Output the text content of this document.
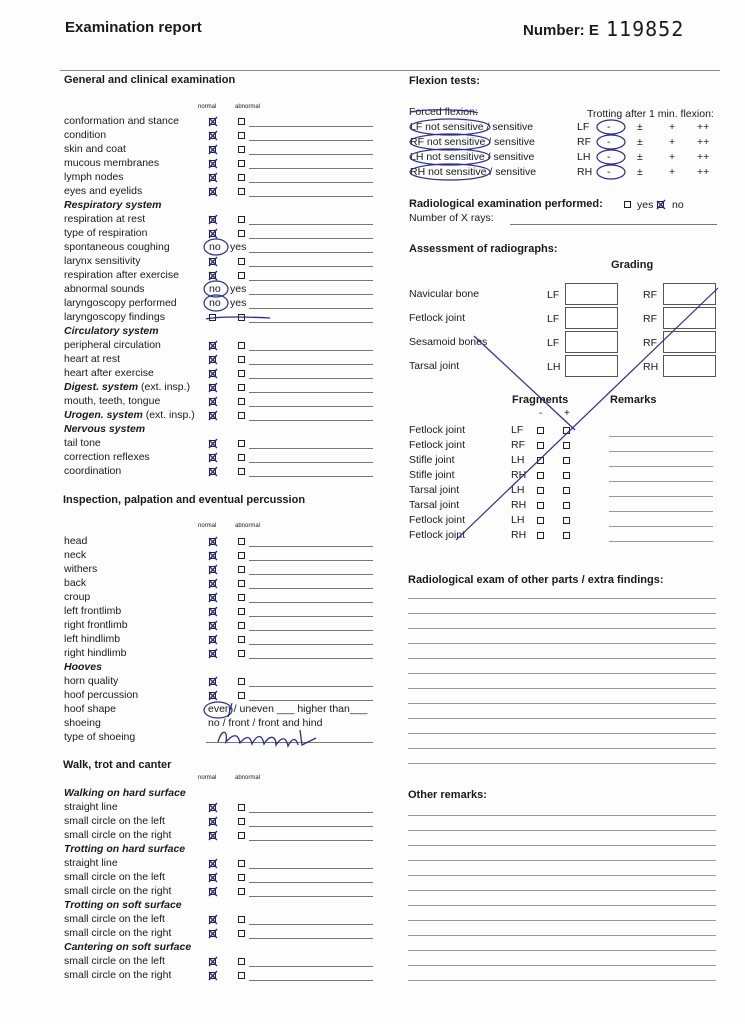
Examination report	Number: E 119852
General and clinical examination
normal	abnormal
conformation and stance
condition
skin and coat
mucous membranes
lymph nodes
eyes and eyelids
Respiratory system
respiration at rest
type of respiration
spontaneous coughing	no yes
larynx sensitivity
respiration after exercise
abnormal sounds	no yes
laryngoscopy performed	no yes
laryngoscopy findings
Circulatory system
peripheral circulation
heart at rest
heart after exercise
Digest. system (ext. insp.)
mouth, teeth, tongue
Urogen. system (ext. insp.)
Nervous system
tail tone
correction reflexes
coordination
Inspection, palpation and eventual percussion
normal	abnormal
head
neck
withers
back
croup
left frontlimb
right frontlimb
left hindlimb
right hindlimb
Hooves
horn quality
hoof percussion
hoof shape	even / uneven ___ higher than___
shoeing	no / front / front and hind
type of shoeing
Walk, trot and canter
normal	abnormal
Walking on hard surface
straight line
small circle on the left
small circle on the right
Trotting on hard surface
straight line
small circle on the left
small circle on the right
Trotting on soft surface
small circle on the left
small circle on the right
Cantering on soft surface
small circle on the left
small circle on the right
Flexion tests:
Forced flexion:	Trotting after 1 min. flexion:
LF not sensitive / sensitive	LF -	± + ++
RF not sensitive / sensitive	RF -	± + ++
LH not sensitive / sensitive	LH -	± + ++
RH not sensitive / sensitive	RH -	± + ++
Radiological examination performed:	yes no
Number of X rays:
Assessment of radiographs:
Grading
Navicular bone	LF	RF
Fetlock joint	LF	RF
Sesamoid bones	LF	RF
Tarsal joint	LH	RH
Fragments
- +
Remarks
Fetlock joint	LF
Fetlock joint	RF
Stifle joint	LH
Stifle joint	RH
Tarsal joint	LH
Tarsal joint	RH
Fetlock joint	LH
Fetlock joint	RH
Radiological exam of other parts / extra findings:
Other remarks:
